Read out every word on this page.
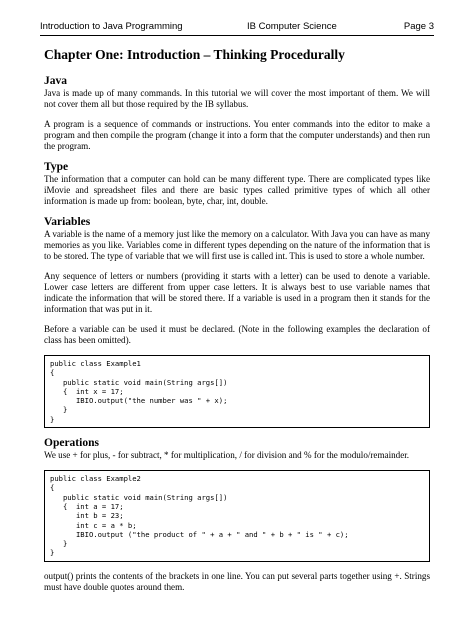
Introduction to Java Programming	IB Computer Science	Page 3
Chapter One: Introduction – Thinking Procedurally
Java

Java is made up of many commands. In this tutorial we will cover the most important of them. We will not cover them all but those required by the IB syllabus.

A program is a sequence of commands or instructions. You enter commands into the editor to make a program and then compile the program (change it into a form that the computer understands) and then run the program.

Type

The information that a computer can hold can be many different type. There are complicated types like iMovie and spreadsheet files and there are basic types called primitive types of which all other information is made up from: boolean, byte, char, int, double.

Variables

A variable is the name of a memory just like the memory on a calculator. With Java you can have as many memories as you like. Variables come in different types depending on the nature of the information that is to be stored. The type of variable that we will first use is called int. This is used to store a whole number.

Any sequence of letters or numbers (providing it starts with a letter) can be used to denote a variable. Lower case letters are different from upper case letters. It is always best to use variable names that indicate the information that will be stored there. If a variable is used in a program then it stands for the information that was put in it.

Before a variable can be used it must be declared. (Note in the following examples the declaration of class has been omitted).

public class Example1
{
public static void main(String args[])
{  int x = 17;
IBIO.output("the number was " + x);
}
}
Operations

We use + for plus, - for subtract, * for multiplication, / for division and % for the modulo/remainder.

public class Example2
{
public static void main(String args[])
{  int a = 17;
int b = 23;
int c = a * b;
IBIO.output ("the product of " + a + " and " + b + " is " + c);
}
}

output() prints the contents of the brackets in one line. You can put several parts together using +. Strings must have double quotes around them.
